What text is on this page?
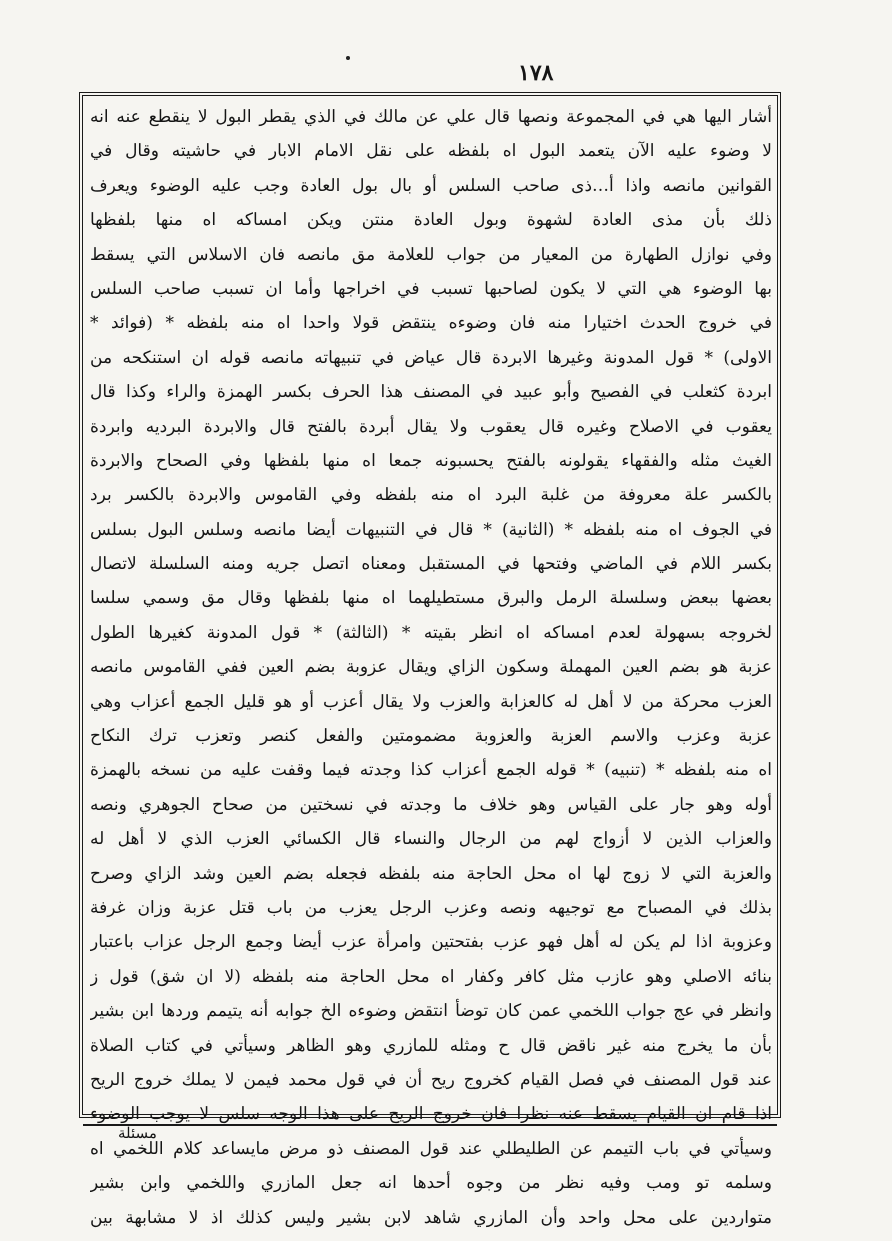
١٧٨
أشار اليها هي في المجموعة ونصها قال علي عن مالك في الذي يقطر البول لا ينقطع عنه انه
لا وضوء عليه الآن يتعمد البول اه بلفظه على نقل الامام الابار في حاشيته وقال في
القوانين مانصه واذا أ…ذى صاحب السلس أو بال بول العادة وجب عليه الوضوء ويعرف
ذلك بأن مذى العادة لشهوة وبول العادة منتن ويكن امساكه اه منها بلفظها
وفي نوازل الطهارة من المعيار من جواب للعلامة مق مانصه فان الاسلاس التي يسقط
بها الوضوء هي التي لا يكون لصاحبها تسبب في اخراجها وأما ان تسبب صاحب السلس
في خروج الحدث اختيارا منه فان وضوءه ينتقض قولا واحدا اه منه بلفظه * (فوائد *
الاولى) * قول المدونة وغيرها الابردة قال عياض في تنبيهاته مانصه قوله ان استنكحه من
ابردة كثعلب في الفصيح وأبو عبيد في المصنف هذا الحرف بكسر الهمزة والراء وكذا قال
يعقوب في الاصلاح وغيره قال يعقوب ولا يقال أبردة بالفتح قال والابردة البرديه وابردة
الغيث مثله والفقهاء يقولونه بالفتح يحسبونه جمعا اه منها بلفظها وفي الصحاح والابردة
بالكسر علة معروفة من غلبة البرد اه منه بلفظه وفي القاموس والابردة بالكسر برد
في الجوف اه منه بلفظه * (الثانية) * قال في التنبيهات أيضا مانصه وسلس البول بسلس
بكسر اللام في الماضي وفتحها في المستقبل ومعناه اتصل جريه ومنه السلسلة لاتصال
بعضها ببعض وسلسلة الرمل والبرق مستطيلهما اه منها بلفظها وقال مق وسمي سلسا
لخروجه بسهولة لعدم امساكه اه انظر بقيته * (الثالثة) * قول المدونة كغيرها الطول
عزبة هو بضم العين المهملة وسكون الزاي ويقال عزوبة بضم العين ففي القاموس مانصه
العزب محركة من لا أهل له كالعزابة والعزب ولا يقال أعزب أو هو قليل الجمع أعزاب وهي
عزبة وعزب والاسم العزبة والعزوبة مضمومتين والفعل كنصر وتعزب ترك النكاح
اه منه بلفظه * (تنبيه) * قوله الجمع أعزاب كذا وجدته فيما وقفت عليه من نسخه بالهمزة
أوله وهو جار على القياس وهو خلاف ما وجدته في نسختين من صحاح الجوهري ونصه
والعزاب الذين لا أزواج لهم من الرجال والنساء قال الكسائي العزب الذي لا أهل له
والعزبة التي لا زوج لها اه محل الحاجة منه بلفظه فجعله بضم العين وشد الزاي وصرح
بذلك في المصباح مع توجيهه ونصه وعزب الرجل يعزب من باب قتل عزبة وزان غرفة
وعزوبة اذا لم يكن له أهل فهو عزب بفتحتين وامرأة عزب أيضا وجمع الرجل عزاب باعتبار
بنائه الاصلي وهو عازب مثل كافر وكفار اه محل الحاجة منه بلفظه (لا ان شق) قول ز
وانظر في عج جواب اللخمي عمن كان توضأ انتقض وضوءه الخ جوابه أنه يتيمم وردها ابن بشير
بأن ما يخرج منه غير ناقض قال ح ومثله للمازري وهو الظاهر وسيأتي في كتاب الصلاة
عند قول المصنف في فصل القيام كخروج ريح أن في قول محمد فيمن لا يملك خروج الريح
اذا قام ان القيام يسقط عنه نظرا فان خروج الريح على هذا الوجه سلس لا يوجب الوضوء
وسيأتي في باب التيمم عن الطليطلي عند قول المصنف ذو مرض مايساعد كلام اللخمي اه
وسلمه تو ومب وفيه نظر من وجوه أحدها انه جعل المازري واللخمي وابن بشير
متواردين على محل واحد وأن المازري شاهد لابن بشير وليس كذلك اذ لا مشابهة بين
مسئلة
